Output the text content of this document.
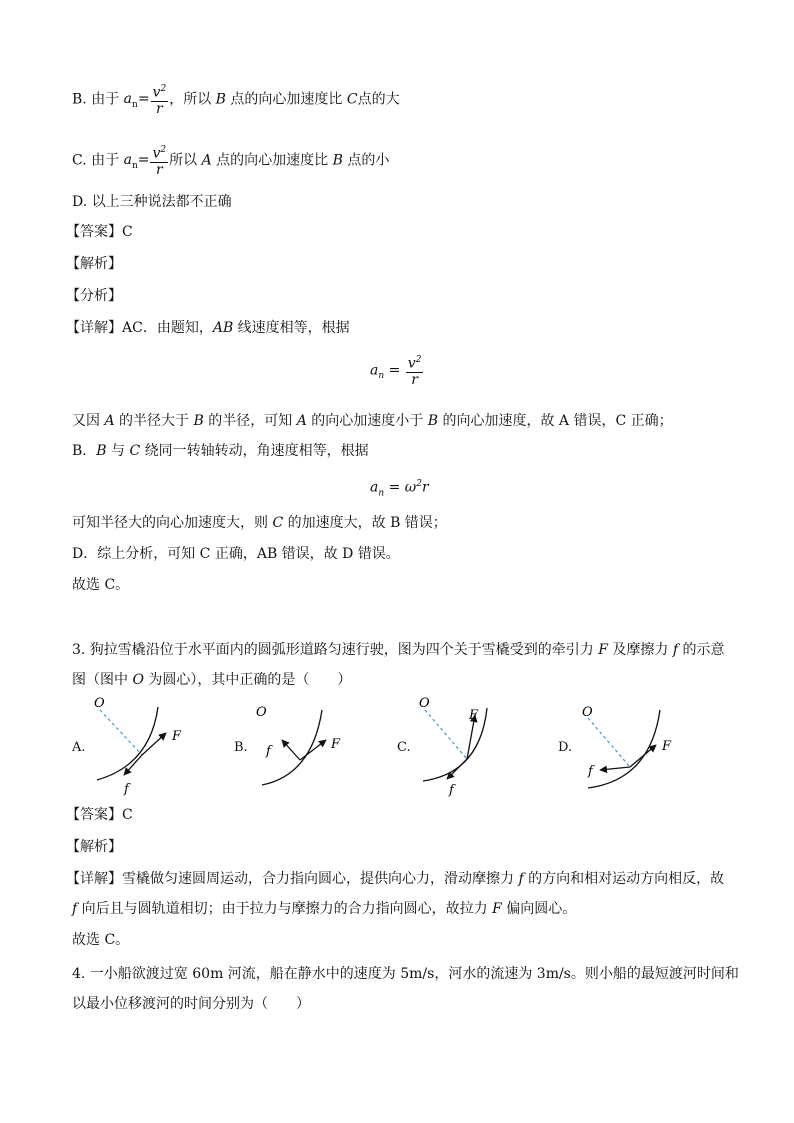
B. 由于 $a_n= \frac{v^2}{r}$ ，所以 B 点的向心加速度比 C点的大
C. 由于 $a_n= \frac{v^2}{r}$ 所以 A 点的向心加速度比 B 点的小
D. 以上三种说法都不正确
【答案】C
【解析】
【分析】
【详解】AC．由题知，AB 线速度相等，根据
$a_n = \frac{v^2}{r}$
又因 A 的半径大于 B 的半径，可知 A 的向心加速度小于 B 的向心加速度，故 A 错误，C 正确；
B．B 与 C 绕同一转轴转动，角速度相等，根据
$a_n = \omega^2r$
可知半径大的向心加速度大，则 C 的加速度大，故 B 错误；
D．综上分析，可知 C 正确，AB 错误，故 D 错误。
故选 C。
3. 狗拉雪橇沿位于水平面内的圆弧形道路匀速行驶，图为四个关于雪橇受到的牵引力 F 及摩擦力 f 的示意
图（图中 O 为圆心），其中正确的是（　　）
O
F
f
A.
O
F
f
B.
O
F
f
C.
O
F
f
D.
【答案】C
【解析】
【详解】雪橇做匀速圆周运动，合力指向圆心，提供向心力，滑动摩擦力 f 的方向和相对运动方向相反，故
f 向后且与圆轨道相切；由于拉力与摩擦力的合力指向圆心，故拉力 F 偏向圆心。
故选 C。
4. 一小船欲渡过宽 60m 河流，船在静水中的速度为 5m/s，河水的流速为 3m/s。则小船的最短渡河时间和
以最小位移渡河的时间分别为（　　）
